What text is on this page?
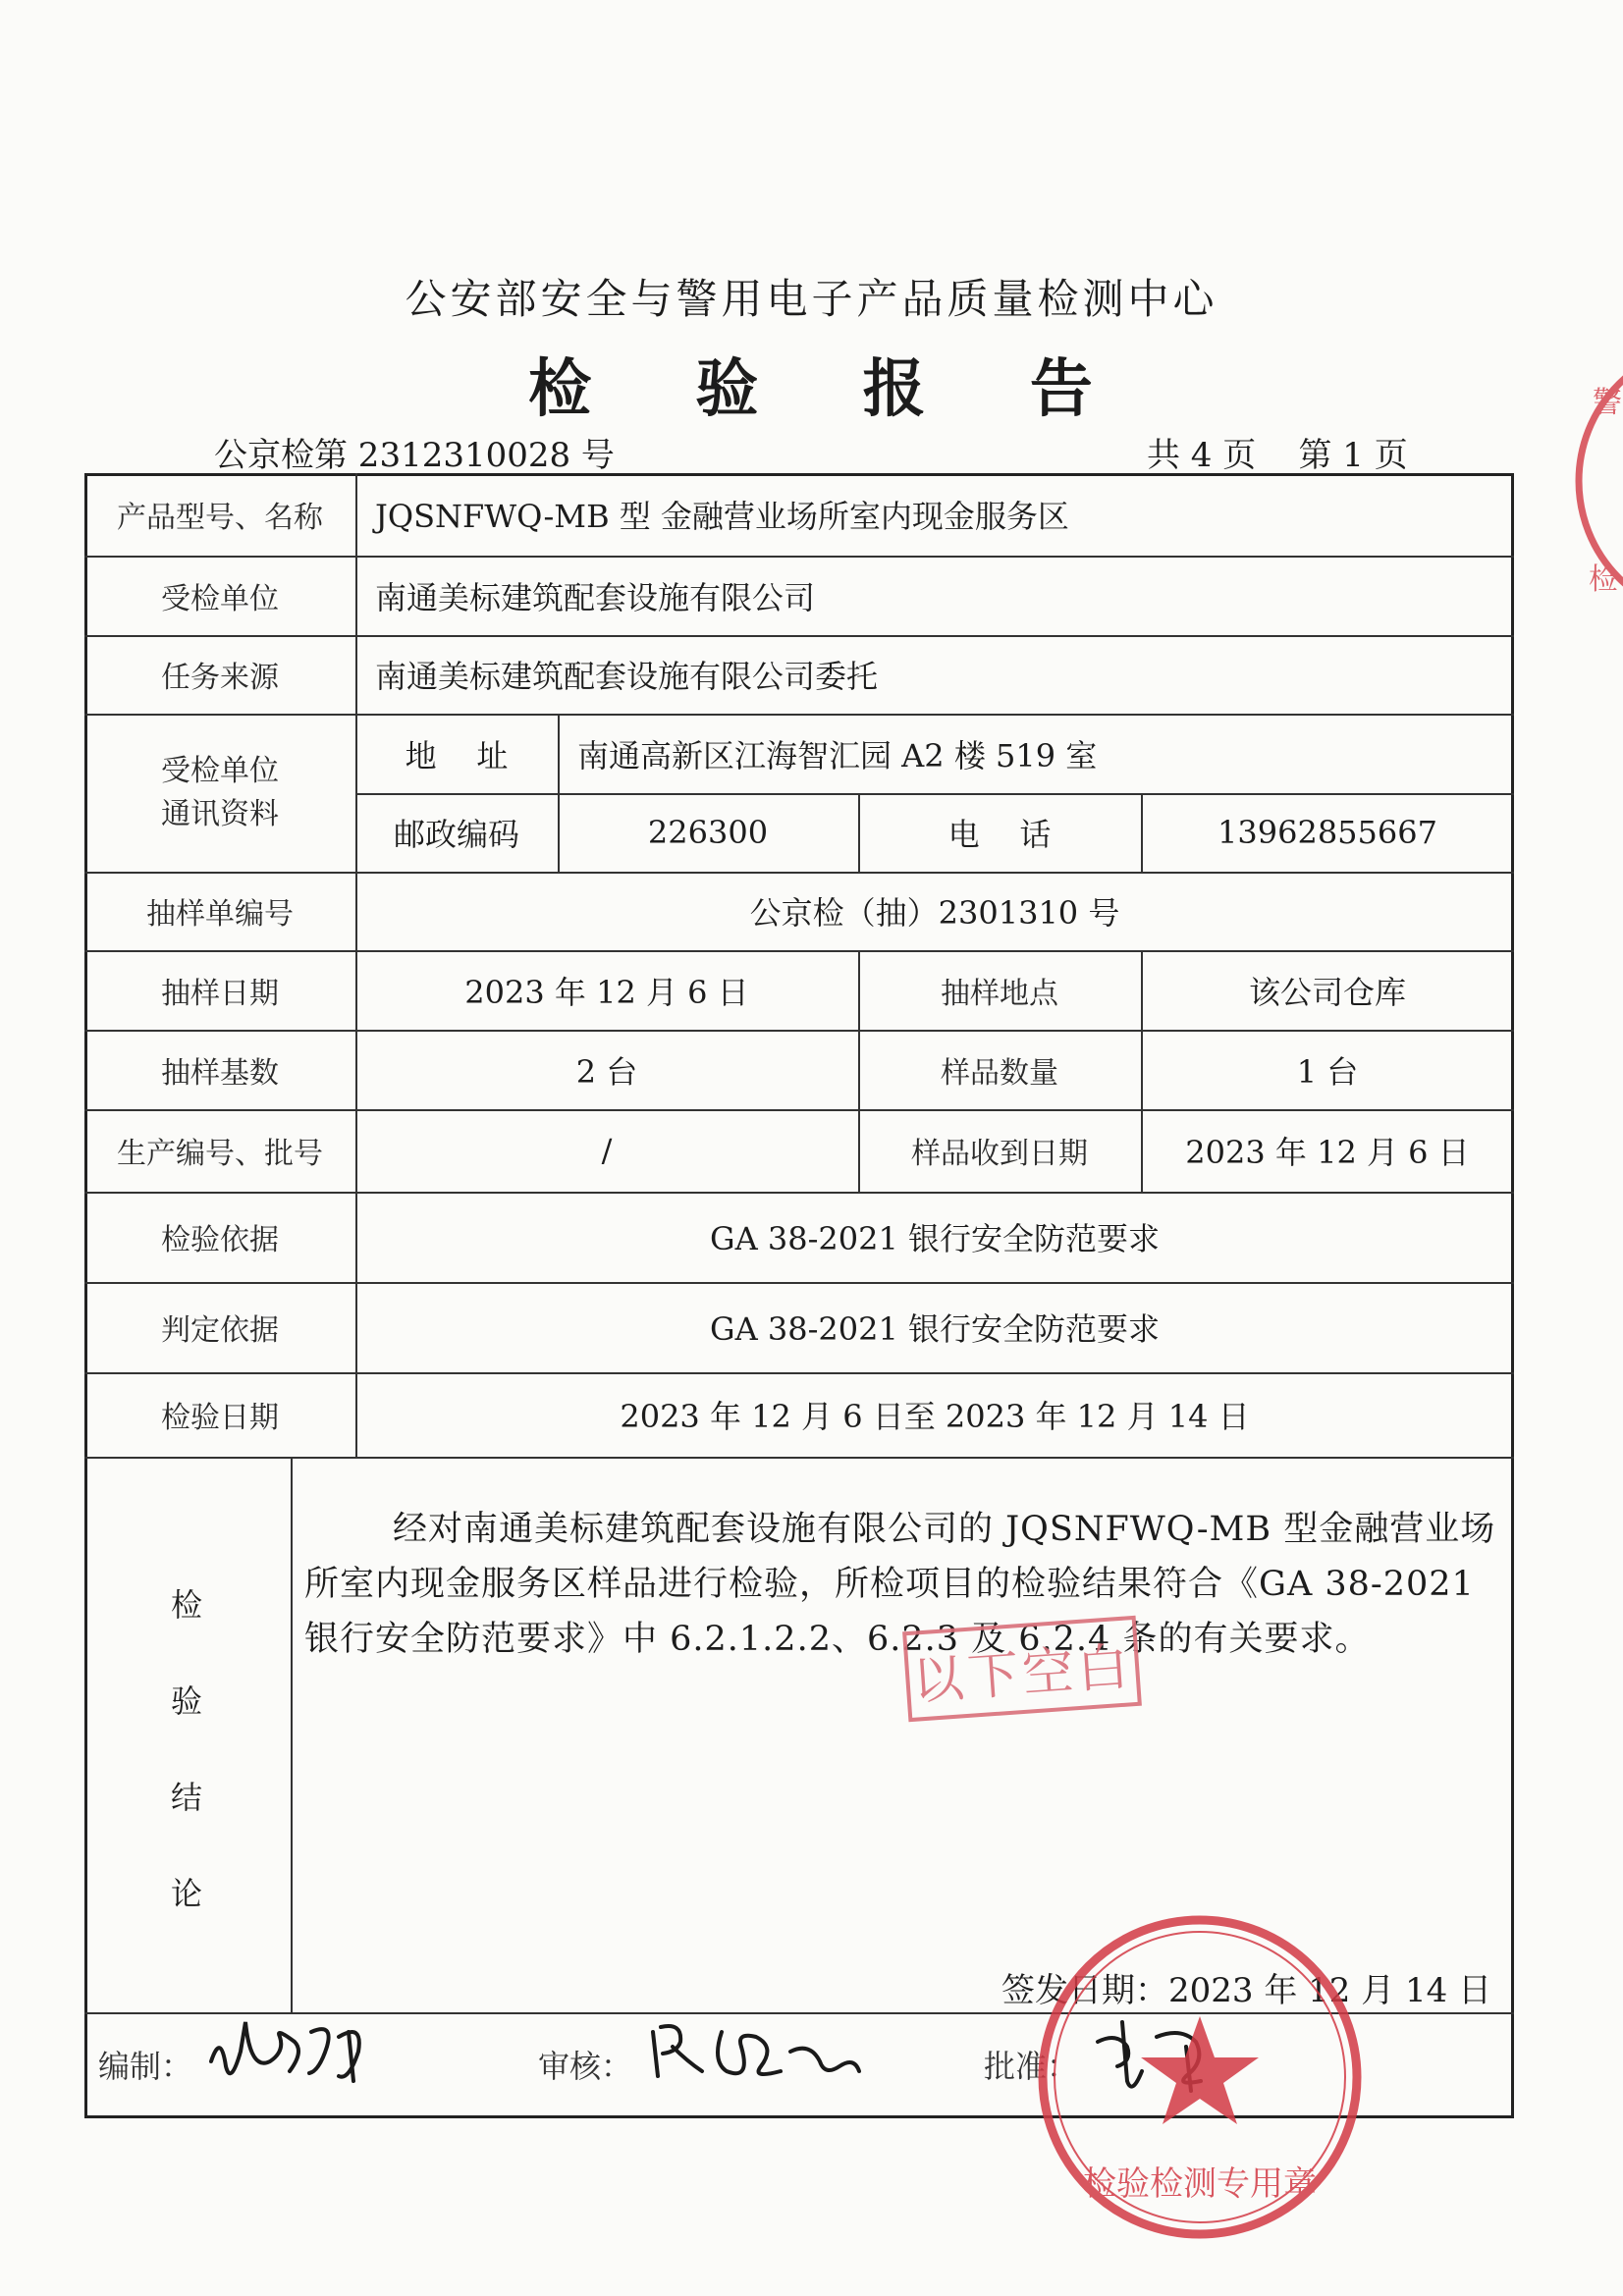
公安部安全与警用电子产品质量检测中心
检 验 报 告
公京检第 2312310028 号	共 4 页    第 1 页
产品型号、名称	JQSNFWQ-MB 型 金融营业场所室内现金服务区
受检单位	南通美标建筑配套设施有限公司
任务来源	南通美标建筑配套设施有限公司委托
受检单位
通讯资料
地    址	南通高新区江海智汇园 A2 楼 519 室
邮政编码	226300	电    话	13962855667
抽样单编号	公京检（抽）2301310 号
抽样日期	2023 年 12 月 6 日	抽样地点	该公司仓库
抽样基数	2 台	样品数量	1 台
生产编号、批号	/	样品收到日期	2023 年 12 月 6 日
检验依据	GA 38-2021 银行安全防范要求
判定依据	GA 38-2021 银行安全防范要求
检验日期	2023 年 12 月 6 日至 2023 年 12 月 14 日
检
验
结
论
经对南通美标建筑配套设施有限公司的 JQSNFWQ-MB 型金融营业场所室内现金服务区样品进行检验，所检项目的检验结果符合《GA 38-2021 银行安全防范要求》中 6.2.1.2.2、6.2.3 及 6.2.4 条的有关要求。
以下空白
签发日期：2023 年 12 月 14 日
编制：	审核：	批准：
检验检测专用章
警
检
